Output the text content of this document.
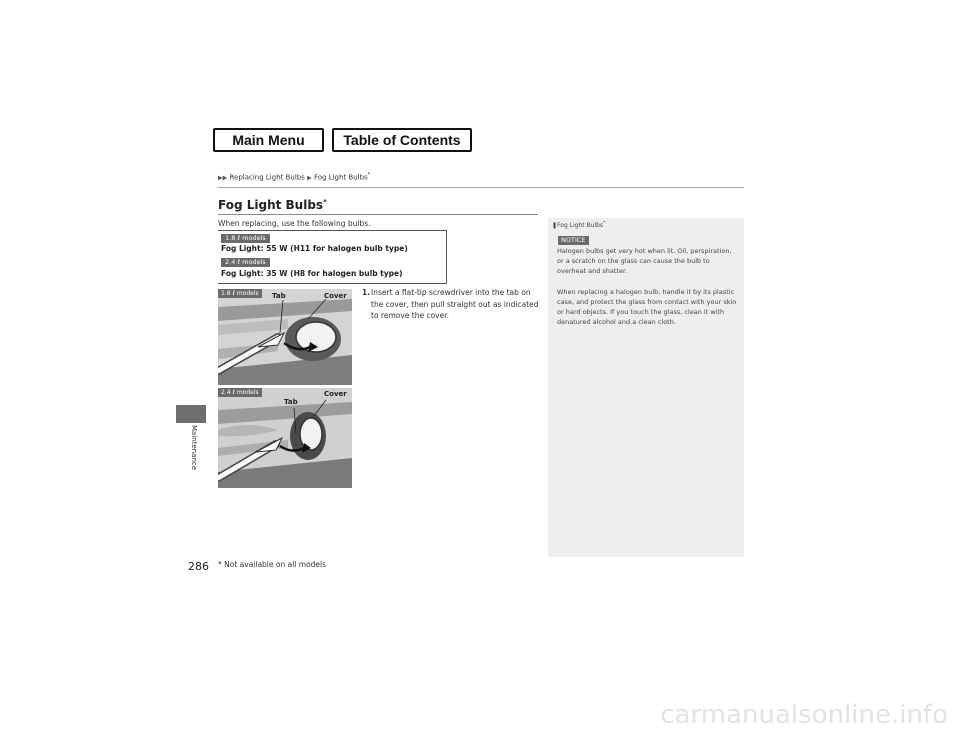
Main Menu	Table of Contents
▶▶ Replacing Light Bulbs ▶ Fog Light Bulbs*
Maintenance
Fog Light Bulbs*
When replacing, use the following bulbs.
1.8 ℓ models
Fog Light: 55 W (H11 for halogen bulb type)
2.4 ℓ models
Fog Light: 35 W (H8 for halogen bulb type)
1. Insert a flat-tip screwdriver into the tab on the cover, then pull straight out as indicated to remove the cover.
1.8 ℓ models	Tab	Cover
2.4 ℓ models
Tab
Cover
❚Fog Light Bulbs*
NOTICE
Halogen bulbs get very hot when lit. Oil, perspiration, or a scratch on the glass can cause the bulb to overheat and shatter.
When replacing a halogen bulb, handle it by its plastic case, and protect the glass from contact with your skin or hard objects. If you touch the glass, clean it with denatured alcohol and a clean cloth.
286 * Not available on all models
carmanualsonline.info
